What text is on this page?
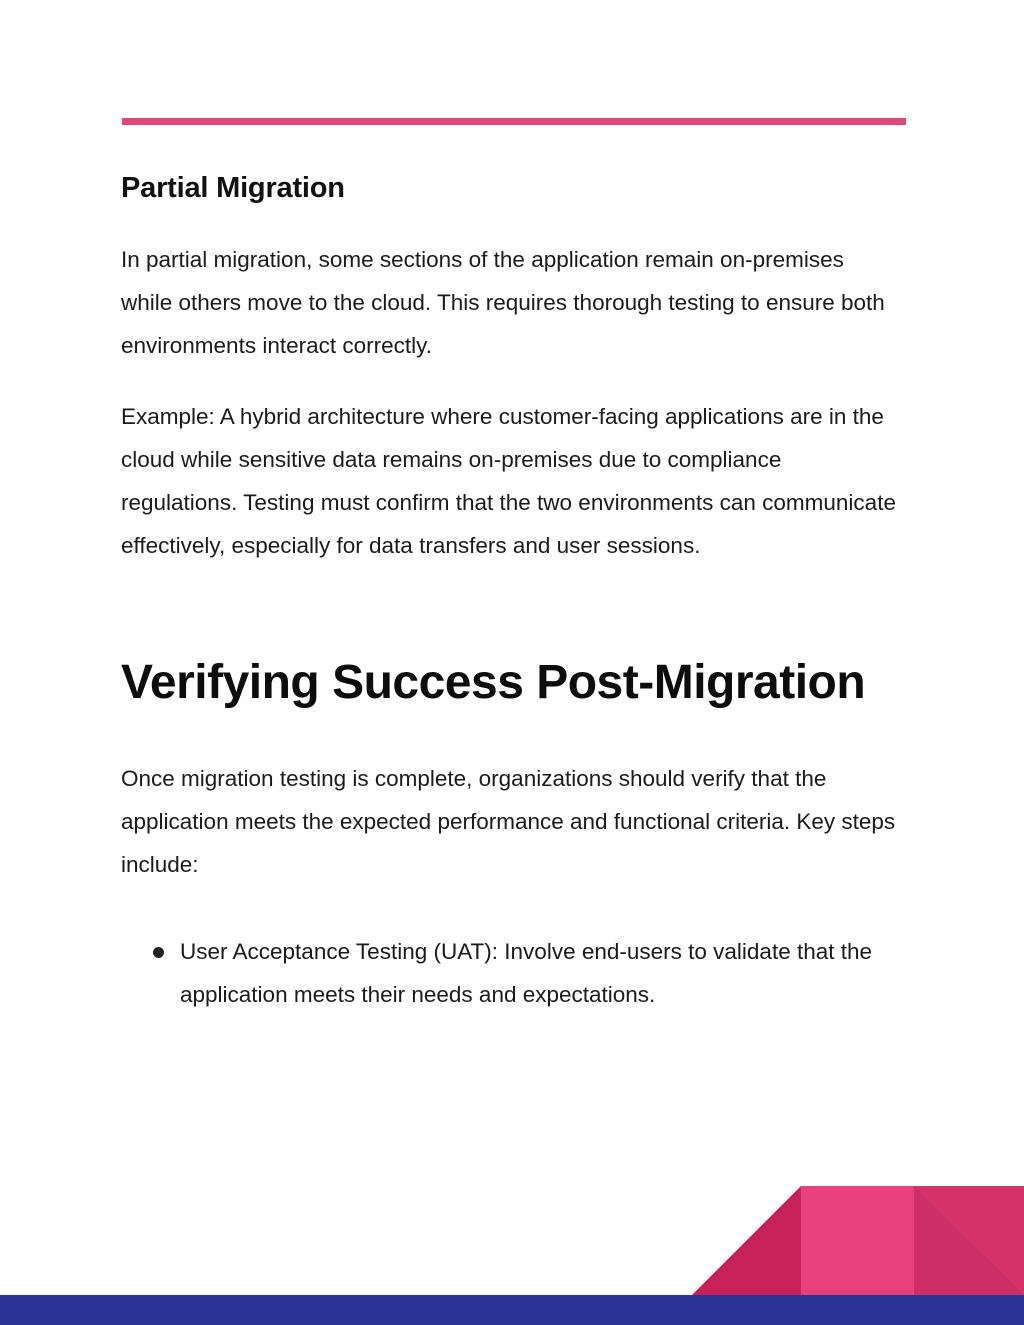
Partial Migration

In partial migration, some sections of the application remain on-premises while others move to the cloud. This requires thorough testing to ensure both environments interact correctly.

Example: A hybrid architecture where customer-facing applications are in the cloud while sensitive data remains on-premises due to compliance regulations. Testing must confirm that the two environments can communicate effectively, especially for data transfers and user sessions.

Verifying Success Post-Migration

Once migration testing is complete, organizations should verify that the application meets the expected performance and functional criteria. Key steps include:

User Acceptance Testing (UAT): Involve end-users to validate that the application meets their needs and expectations.
